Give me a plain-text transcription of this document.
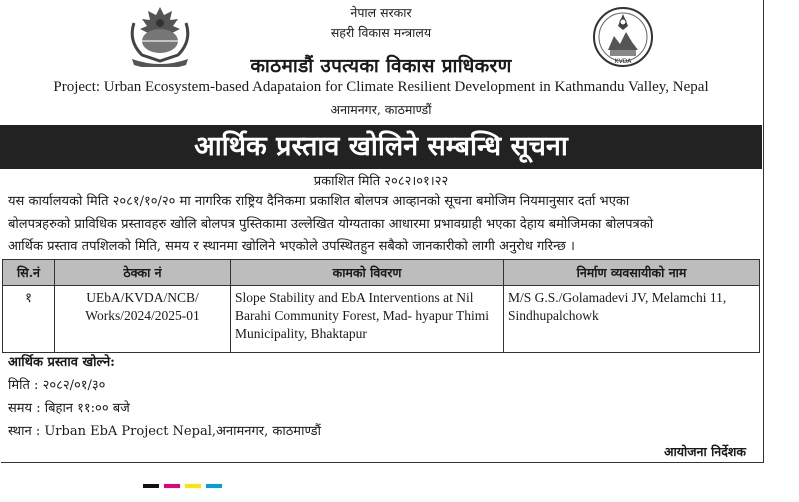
KVDA
नेपाल सरकार
सहरी विकास मन्त्रालय
काठमाडौं उपत्यका विकास प्राधिकरण
Project: Urban Ecosystem-based Adapataion for Climate Resilient Development in Kathmandu Valley, Nepal
अनामनगर, काठमाण्डौं
आर्थिक प्रस्ताव खोलिने सम्बन्धि सूचना
प्रकाशित मिति २०८२।०१।२२
यस कार्यालयको मिति २०८१/१०/२० मा नागरिक राष्ट्रिय दैनिकमा प्रकाशित बोलपत्र आव्हानको सूचना बमोजिम नियमानुसार दर्ता भएका
बोलपत्रहरुको प्राविधिक प्रस्तावहरु खोलि बोलपत्र पुस्तिकामा उल्लेखित योग्यताका आधारमा प्रभावग्राही भएका देहाय बमोजिमका बोलपत्रको
आर्थिक प्रस्ताव तपशिलको मिति, समय र स्थानमा खोलिने भएकोले उपस्थितहुन सबैको जानकारीको लागी अनुरोध गरिन्छ ।
सि.नं	ठेक्का नं	कामको विवरण	निर्माण व्यवसायीको नाम
१	UEbA/KVDA/NCB/ Works/2024/2025-01	Slope Stability and EbA Interventions at Nil Barahi Community Forest, Mad- hyapur Thimi Municipality, Bhaktapur	M/S G.S./Golamadevi JV, Melamchi 11, Sindhupalchowk
आर्थिक प्रस्ताव खोल्ने:
मिति : २०८२/०१/३०
समय : बिहान ११:०० बजे
स्थान : Urban EbA Project Nepal,अनामनगर, काठमाण्डौं
आयोजना निर्देशक
